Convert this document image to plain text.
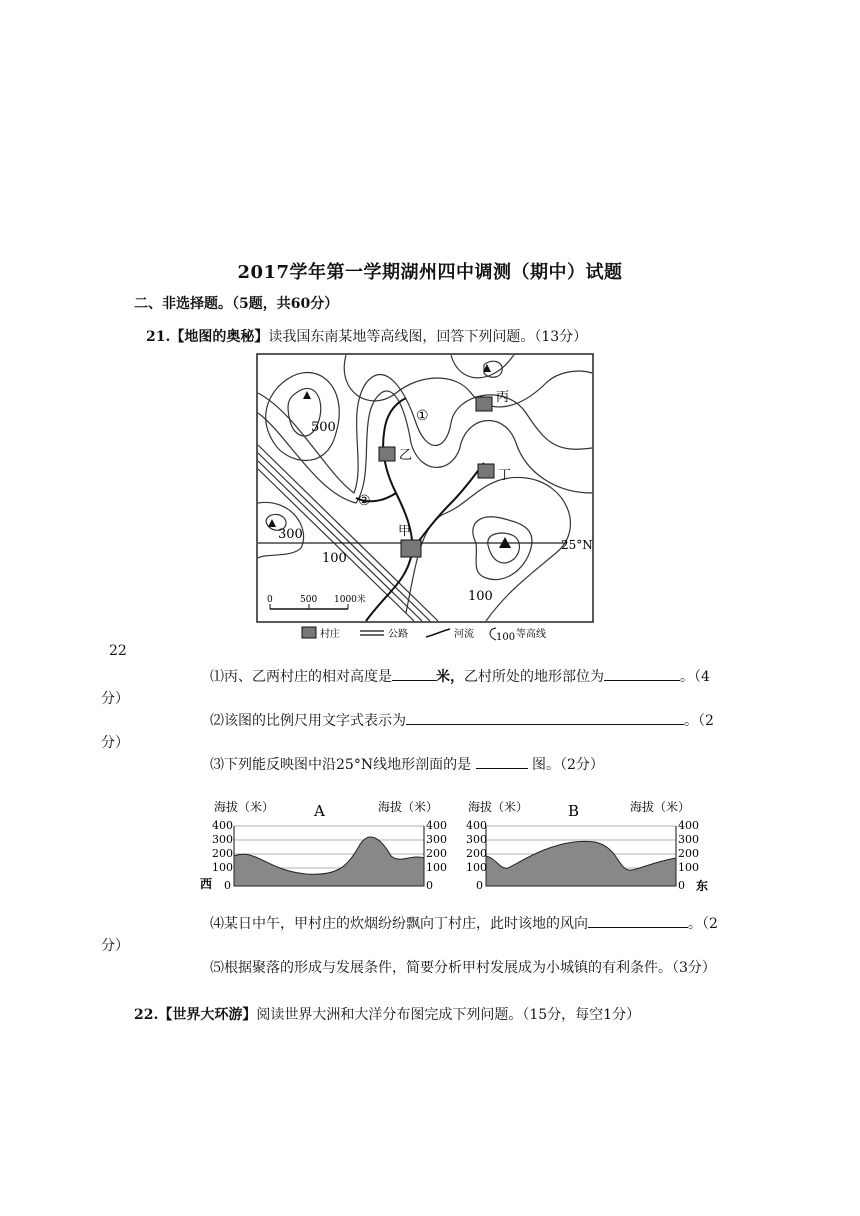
2017学年第一学期湖州四中调测（期中）试题
二、非选择题。（5题，共60分）
21.【地图的奥秘】读我国东南某地等高线图，回答下列问题。（13分）
25°N
甲
乙
丙
丁
①
②
500
300
100
100
0	500 1000米
村庄	公路	河流 100 等高线
22
⑴丙、乙两村庄的相对高度是	米，乙村所处的地形部位为	。（4
分）
⑵该图的比例尺用文字式表示为	。（2
分）
⑶下列能反映图中沿25°N线地形剖面的是	图。（2分）
海拔（米）	A	海拔（米）
400
300
200
100
0
400
300
200
100
0
西
海拔（米）	B	海拔（米）
400
300
200
100
0
400
300
200
100
0 东
⑷某日中午，甲村庄的炊烟纷纷飘向丁村庄，此时该地的风向	。（2
分）
⑸根据聚落的形成与发展条件，简要分析甲村发展成为小城镇的有利条件。（3分）
22.【世界大环游】阅读世界大洲和大洋分布图完成下列问题。（15分，每空1分）
